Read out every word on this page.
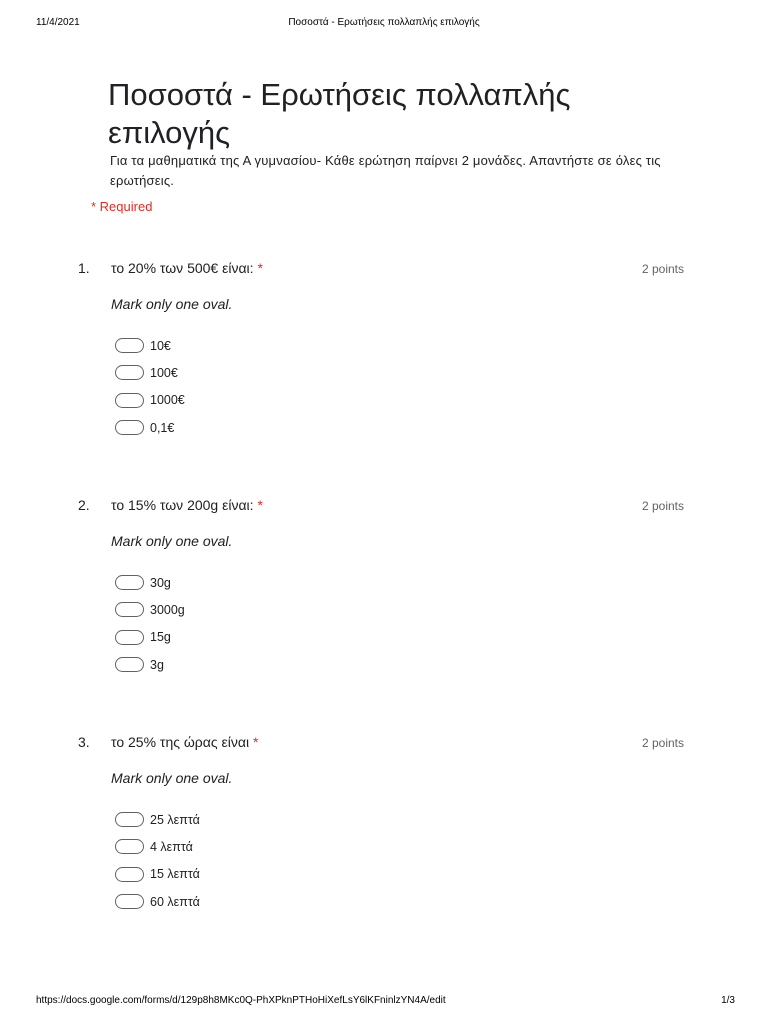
11/4/2021	Ποσοστά - Ερωτήσεις πολλαπλής επιλογής
Ποσοστά - Ερωτήσεις πολλαπλής επιλογής
Για τα μαθηματικά της Α γυμνασίου- Κάθε ερώτηση παίρνει 2 μονάδες. Απαντήστε σε όλες τις ερωτήσεις.
* Required
1. το 20% των 500€ είναι: *	2 points
Mark only one oval.
10€
100€
1000€
0,1€
2. το 15% των 200g είναι: *	2 points
Mark only one oval.
30g
3000g
15g
3g
3. το 25% της ώρας είναι *	2 points
Mark only one oval.
25 λεπτά
4 λεπτά
15 λεπτά
60 λεπτά
https://docs.google.com/forms/d/129p8h8MKc0Q-PhXPknPTHoHiXefLsY6lKFninlzYN4A/edit	1/3
